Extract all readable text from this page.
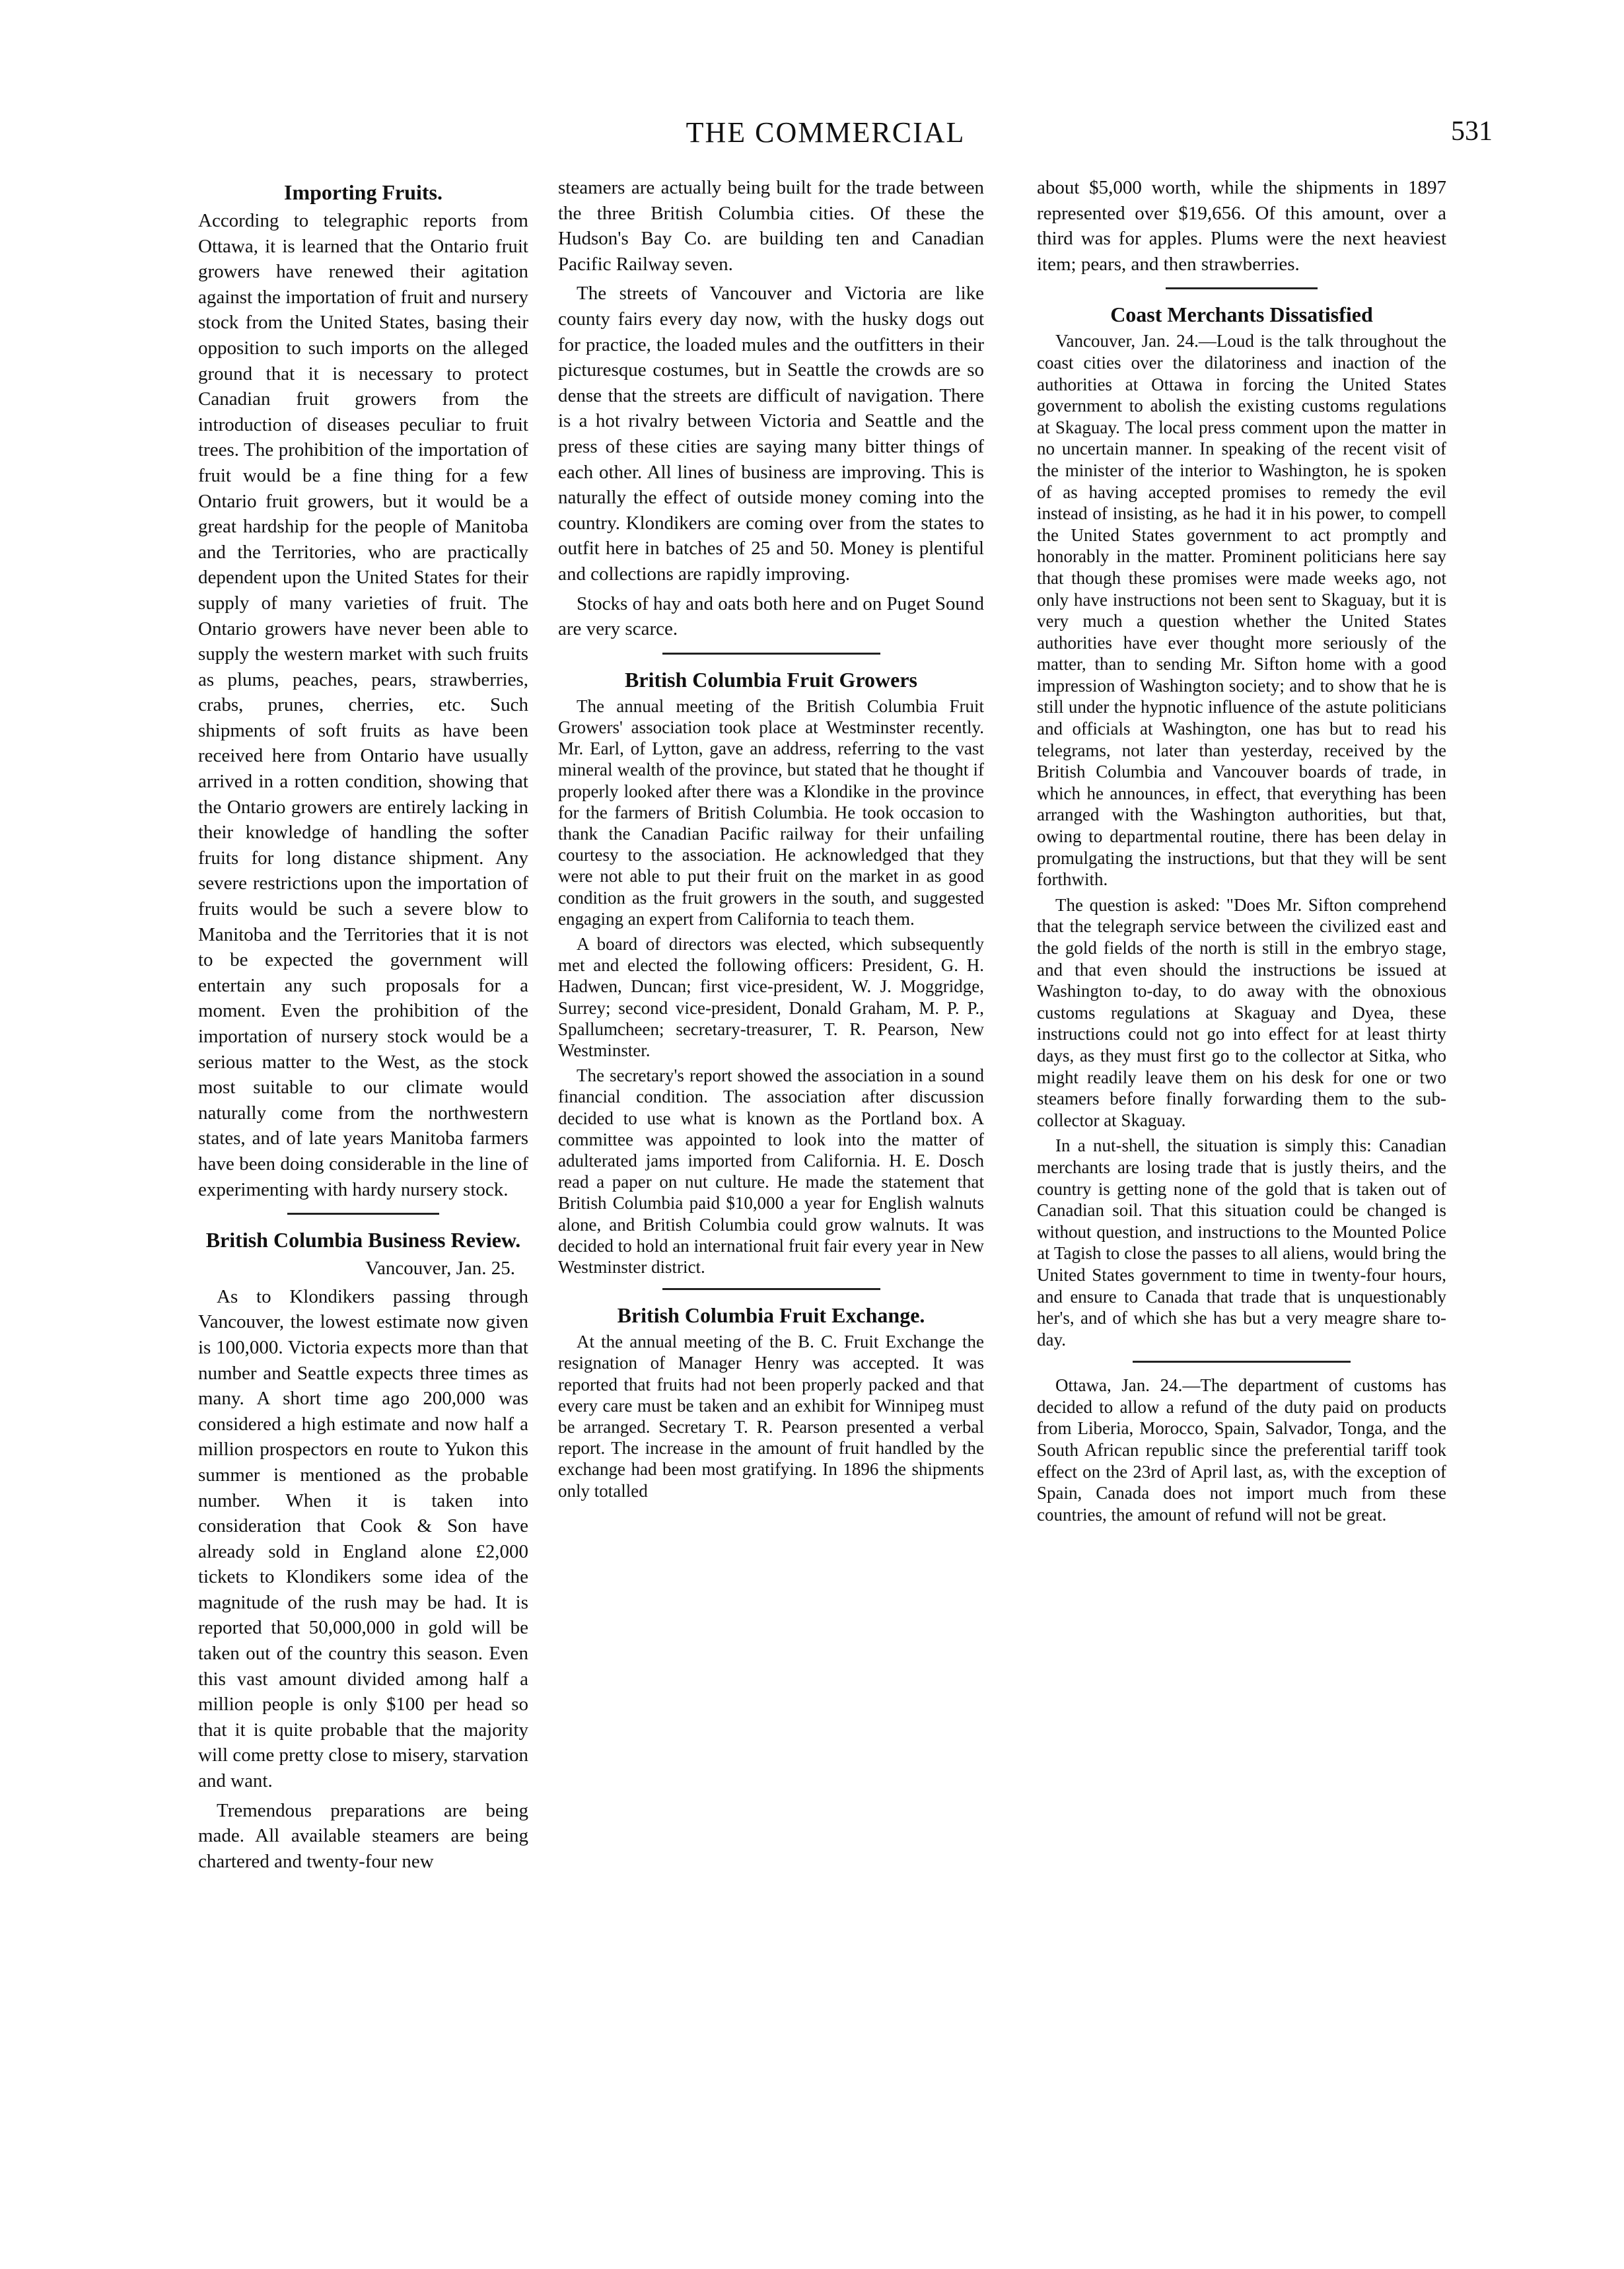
THE COMMERCIAL	531
Importing Fruits.

According to telegraphic reports from Ottawa, it is learned that the Ontario fruit growers have renewed their agitation against the importation of fruit and nursery stock from the United States, basing their opposition to such imports on the alleged ground that it is necessary to protect Canadian fruit growers from the introduction of diseases peculiar to fruit trees. The prohibition of the importation of fruit would be a fine thing for a few Ontario fruit growers, but it would be a great hardship for the people of Manitoba and the Territories, who are practically dependent upon the United States for their supply of many varieties of fruit. The Ontario growers have never been able to supply the western market with such fruits as plums, peaches, pears, strawberries, crabs, prunes, cherries, etc. Such shipments of soft fruits as have been received here from Ontario have usually arrived in a rotten condition, showing that the Ontario growers are entirely lacking in their knowledge of handling the softer fruits for long distance shipment. Any severe restrictions upon the importation of fruits would be such a severe blow to Manitoba and the Territories that it is not to be expected the government will entertain any such proposals for a moment. Even the prohibition of the importation of nursery stock would be a serious matter to the West, as the stock most suitable to our climate would naturally come from the northwestern states, and of late years Manitoba farmers have been doing considerable in the line of experimenting with hardy nursery stock.

British Columbia Business Review.
Vancouver, Jan. 25.

As to Klondikers passing through Vancouver, the lowest estimate now given is 100,000. Victoria expects more than that number and Seattle expects three times as many. A short time ago 200,000 was considered a high estimate and now half a million prospectors en route to Yukon this summer is mentioned as the probable number. When it is taken into consideration that Cook & Son have already sold in England alone £2,000 tickets to Klondikers some idea of the magnitude of the rush may be had. It is reported that 50,000,000 in gold will be taken out of the country this season. Even this vast amount divided among half a million people is only $100 per head so that it is quite probable that the majority will come pretty close to misery, starvation and want.

Tremendous preparations are being made. All available steamers are being chartered and twenty-four new

steamers are actually being built for the trade between the three British Columbia cities. Of these the Hudson's Bay Co. are building ten and Canadian Pacific Railway seven.

The streets of Vancouver and Victoria are like county fairs every day now, with the husky dogs out for practice, the loaded mules and the outfitters in their picturesque costumes, but in Seattle the crowds are so dense that the streets are difficult of navigation. There is a hot rivalry between Victoria and Seattle and the press of these cities are saying many bitter things of each other. All lines of business are improving. This is naturally the effect of outside money coming into the country. Klondikers are coming over from the states to outfit here in batches of 25 and 50. Money is plentiful and collections are rapidly improving.

Stocks of hay and oats both here and on Puget Sound are very scarce.

British Columbia Fruit Growers

The annual meeting of the British Columbia Fruit Growers' association took place at Westminster recently. Mr. Earl, of Lytton, gave an address, referring to the vast mineral wealth of the province, but stated that he thought if properly looked after there was a Klondike in the province for the farmers of British Columbia. He took occasion to thank the Canadian Pacific railway for their unfailing courtesy to the association. He acknowledged that they were not able to put their fruit on the market in as good condition as the fruit growers in the south, and suggested engaging an expert from California to teach them.

A board of directors was elected, which subsequently met and elected the following officers: President, G. H. Hadwen, Duncan; first vice-president, W. J. Moggridge, Surrey; second vice-president, Donald Graham, M. P. P., Spallumcheen; secretary-treasurer, T. R. Pearson, New Westminster.

The secretary's report showed the association in a sound financial condition. The association after discussion decided to use what is known as the Portland box. A committee was appointed to look into the matter of adulterated jams imported from California. H. E. Dosch read a paper on nut culture. He made the statement that British Columbia paid $10,000 a year for English walnuts alone, and British Columbia could grow walnuts. It was decided to hold an international fruit fair every year in New Westminster district.

British Columbia Fruit Exchange.

At the annual meeting of the B. C. Fruit Exchange the resignation of Manager Henry was accepted. It was reported that fruits had not been properly packed and that every care must be taken and an exhibit for Winnipeg must be arranged. Secretary T. R. Pearson presented a verbal report. The increase in the amount of fruit handled by the exchange had been most gratifying. In 1896 the shipments only totalled

about $5,000 worth, while the shipments in 1897 represented over $19,656. Of this amount, over a third was for apples. Plums were the next heaviest item; pears, and then strawberries.

Coast Merchants Dissatisfied

Vancouver, Jan. 24.—Loud is the talk throughout the coast cities over the dilatoriness and inaction of the authorities at Ottawa in forcing the United States government to abolish the existing customs regulations at Skaguay. The local press comment upon the matter in no uncertain manner. In speaking of the recent visit of the minister of the interior to Washington, he is spoken of as having accepted promises to remedy the evil instead of insisting, as he had it in his power, to compell the United States government to act promptly and honorably in the matter. Prominent politicians here say that though these promises were made weeks ago, not only have instructions not been sent to Skaguay, but it is very much a question whether the United States authorities have ever thought more seriously of the matter, than to sending Mr. Sifton home with a good impression of Washington society; and to show that he is still under the hypnotic influence of the astute politicians and officials at Washington, one has but to read his telegrams, not later than yesterday, received by the British Columbia and Vancouver boards of trade, in which he announces, in effect, that everything has been arranged with the Washington authorities, but that, owing to departmental routine, there has been delay in promulgating the instructions, but that they will be sent forthwith.

The question is asked: "Does Mr. Sifton comprehend that the telegraph service between the civilized east and the gold fields of the north is still in the embryo stage, and that even should the instructions be issued at Washington to-day, to do away with the obnoxious customs regulations at Skaguay and Dyea, these instructions could not go into effect for at least thirty days, as they must first go to the collector at Sitka, who might readily leave them on his desk for one or two steamers before finally forwarding them to the sub-collector at Skaguay.

In a nut-shell, the situation is simply this: Canadian merchants are losing trade that is justly theirs, and the country is getting none of the gold that is taken out of Canadian soil. That this situation could be changed is without question, and instructions to the Mounted Police at Tagish to close the passes to all aliens, would bring the United States government to time in twenty-four hours, and ensure to Canada that trade that is unquestionably her's, and of which she has but a very meagre share to-day.

Ottawa, Jan. 24.—The department of customs has decided to allow a refund of the duty paid on products from Liberia, Morocco, Spain, Salvador, Tonga, and the South African republic since the preferential tariff took effect on the 23rd of April last, as, with the exception of Spain, Canada does not import much from these countries, the amount of refund will not be great.
